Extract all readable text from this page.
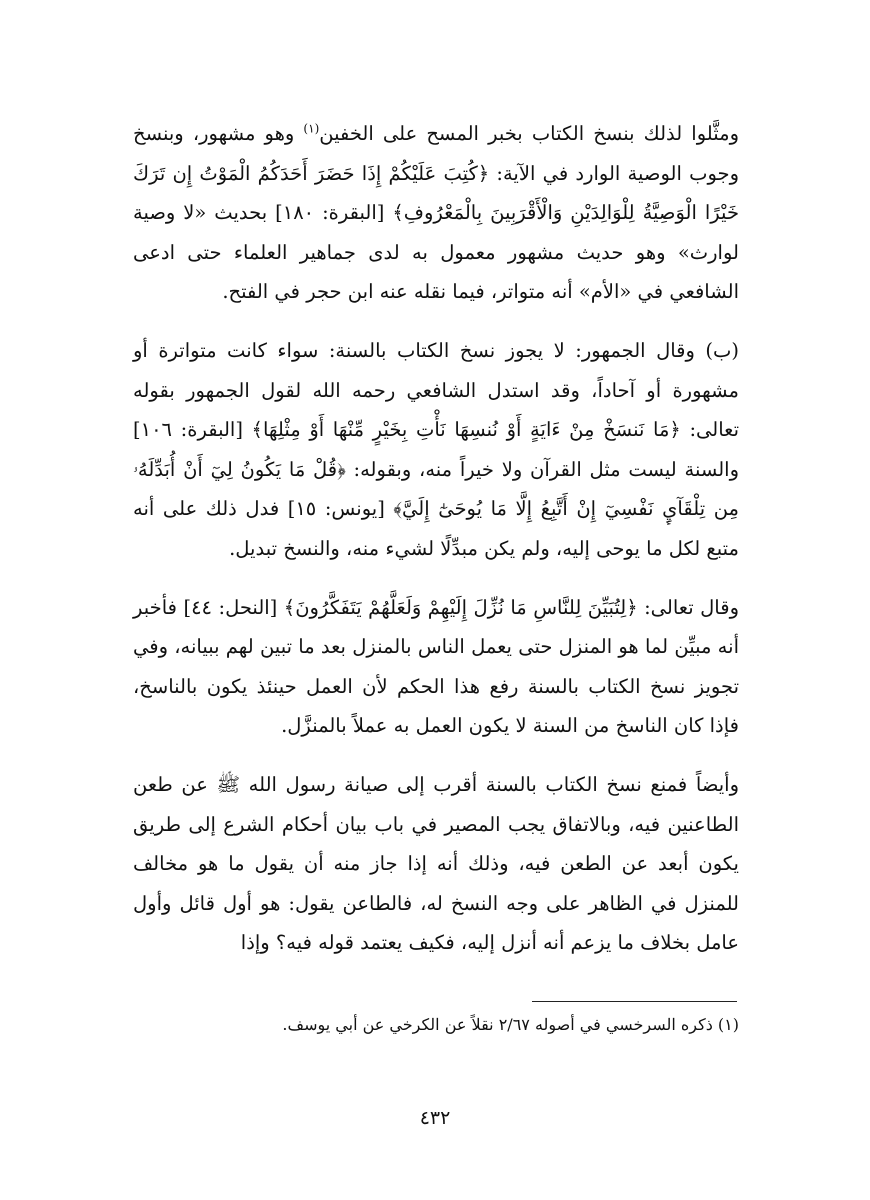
ومثَّلوا لذلك بنسخ الكتاب بخبر المسح على الخفين$^{(١)}$ وهو مشهور، وبنسخ وجوب الوصية الوارد في الآية: ﴿كُتِبَ عَلَيْكُمْ إِذَا حَضَرَ أَحَدَكُمُ الْمَوْتُ إِن تَرَكَ خَيْرًا الْوَصِيَّةُ لِلْوَالِدَيْنِ وَالْأَقْرَبِينَ بِالْمَعْرُوفِ﴾ [البقرة: ١٨٠] بحديث «لا وصية لوارث» وهو حديث مشهور معمول به لدى جماهير العلماء حتى ادعى الشافعي في «الأم» أنه متواتر، فيما نقله عنه ابن حجر في الفتح.

(ب) وقال الجمهور: لا يجوز نسخ الكتاب بالسنة: سواء كانت متواترة أو مشهورة أو آحاداً، وقد استدل الشافعي رحمه الله لقول الجمهور بقوله تعالى: ﴿مَا نَنسَخْ مِنْ ءَايَةٍ أَوْ نُنسِهَا نَأْتِ بِخَيْرٍ مِّنْهَا أَوْ مِثْلِهَا﴾ [البقرة: ١٠٦] والسنة ليست مثل القرآن ولا خيراً منه، وبقوله: ﴿قُلْ مَا يَكُونُ لِيٓ أَنْ أُبَدِّلَهُۥ مِن تِلْقَآيِٕ نَفْسِيٓ إِنْ أَتَّبِعُ إِلَّا مَا يُوحَىٰٓ إِلَيَّ﴾ [يونس: ١٥] فدل ذلك على أنه متبع لكل ما يوحى إليه، ولم يكن مبدِّلًا لشيء منه، والنسخ تبديل.

وقال تعالى: ﴿لِتُبَيِّنَ لِلنَّاسِ مَا نُزِّلَ إِلَيْهِمْ وَلَعَلَّهُمْ يَتَفَكَّرُونَ﴾ [النحل: ٤٤] فأخبر أنه مبيِّن لما هو المنزل حتى يعمل الناس بالمنزل بعد ما تبين لهم ببيانه، وفي تجويز نسخ الكتاب بالسنة رفع هذا الحكم لأن العمل حينئذ يكون بالناسخ، فإذا كان الناسخ من السنة لا يكون العمل به عملاً بالمنزَّل.

وأيضاً فمنع نسخ الكتاب بالسنة أقرب إلى صيانة رسول الله ﷺ عن طعن الطاعنين فيه، وبالاتفاق يجب المصير في باب بيان أحكام الشرع إلى طريق يكون أبعد عن الطعن فيه، وذلك أنه إذا جاز منه أن يقول ما هو مخالف للمنزل في الظاهر على وجه النسخ له، فالطاعن يقول: هو أول قائل وأول عامل بخلاف ما يزعم أنه أنزل إليه، فكيف يعتمد قوله فيه؟ وإذا

(١) ذكره السرخسي في أصوله ٢/٦٧ نقلاً عن الكرخي عن أبي يوسف.
٤٣٢
